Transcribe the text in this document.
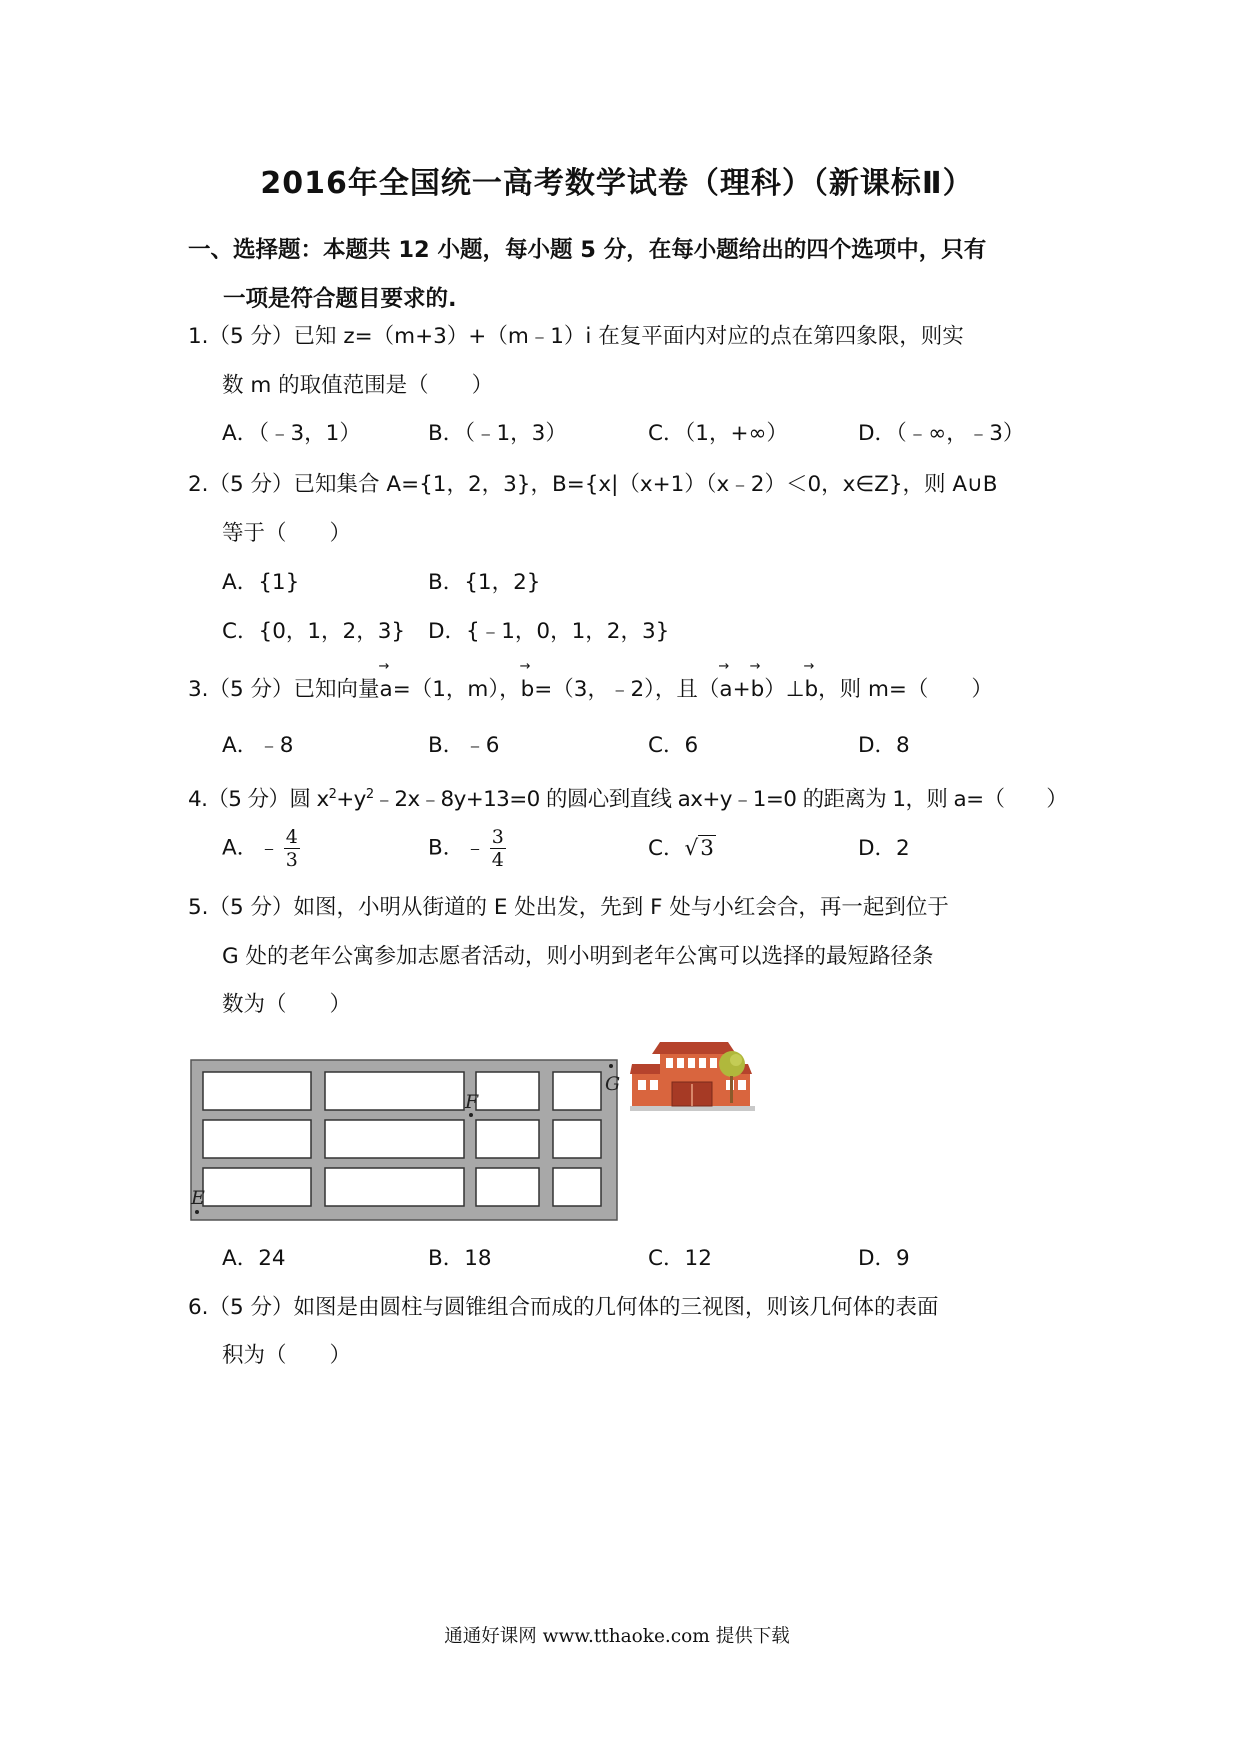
2016年全国统一高考数学试卷（理科）（新课标Ⅱ）
一、选择题：本题共 12 小题，每小题 5 分，在每小题给出的四个选项中，只有
一项是符合题目要求的.
1.（5 分）已知 z=（m+3）+（m﹣1）i 在复平面内对应的点在第四象限，则实
数 m 的取值范围是（　　）
A．（﹣3，1）	B．（﹣1，3）	C．（1，+∞）	D．（﹣∞，﹣3）
2.（5 分）已知集合 A={1，2，3}，B={x|（x+1）（x﹣2）＜0，x∈Z}，则 A∪B
等于（　　）
A．{1}	B．{1，2}
C．{0，1，2，3} D．{﹣1，0，1，2，3}
3.（5 分）已知向量→ a=（1，m），→ b=（3，﹣2），且（→ a+→ b）⊥→ b，则 m=（　　）
A．﹣8	B．﹣6	C．6	D．8
4.（5 分）圆 $x^2+y^2﹣2x﹣8y+13=0$ 的圆心到直线 ax+y﹣1=0 的距离为 1，则 a=（　　）
A．﹣ $\frac{4}{3}$	B．﹣ $\frac{3}{4}$	C．√3	D．2
5.（5 分）如图，小明从街道的 E 处出发，先到 F 处与小红会合，再一起到位于
G 处的老年公寓参加志愿者活动，则小明到老年公寓可以选择的最短路径条
数为（　　）
E
F
G
A．24	B．18	C．12	D．9
6.（5 分）如图是由圆柱与圆锥组合而成的几何体的三视图，则该几何体的表面
积为（　　）
通通好课网 www.tthaoke.com 提供下载
